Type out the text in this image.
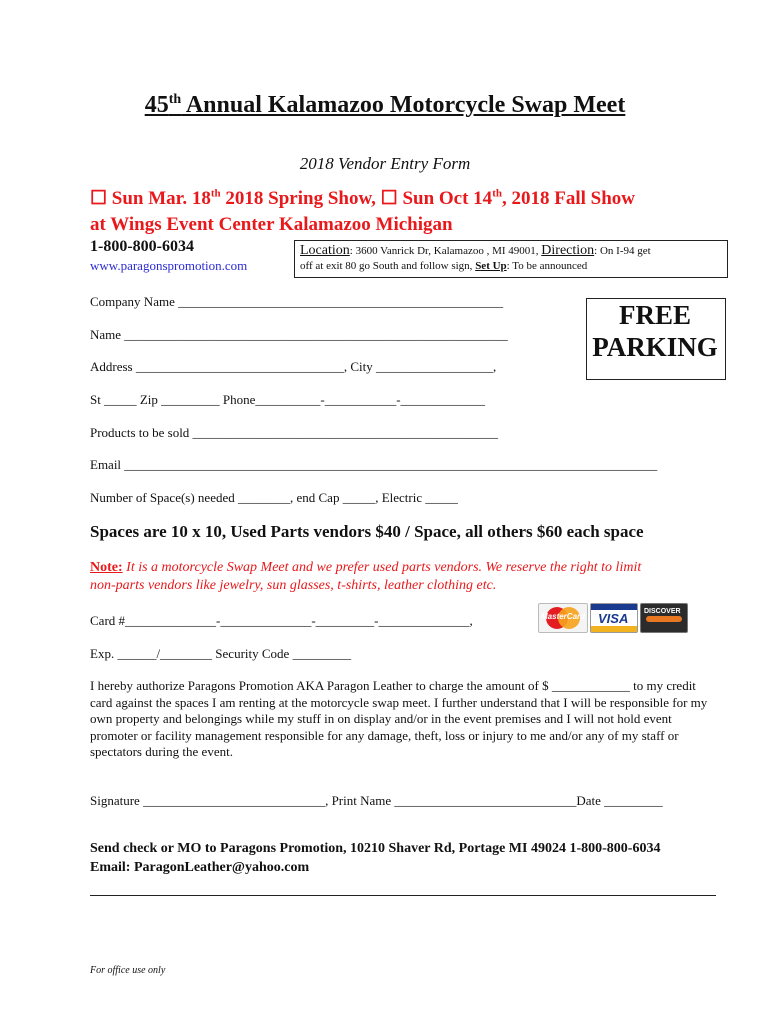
45th Annual Kalamazoo Motorcycle Swap Meet
2018 Vendor Entry Form
☐ Sun Mar. 18th 2018 Spring Show, ☐ Sun Oct 14th, 2018 Fall Show
at Wings Event Center Kalamazoo Michigan
1-800-800-6034
www.paragonspromotion.com
Location: 3600 Vanrick Dr, Kalamazoo , MI 49001, Direction: On I-94 get
off at exit 80 go South and follow sign, Set Up: To be announced
FREE
PARKING
Company Name __________________________________________________
Name ___________________________________________________________
Address ________________________________, City __________________,
St _____ Zip _________ Phone__________-___________-_____________
Products to be sold _______________________________________________
Email __________________________________________________________________________________
Number of Space(s) needed ________, end Cap _____, Electric _____
Spaces are 10 x 10, Used Parts vendors $40 / Space, all others $60 each space
Note: It is a motorcycle Swap Meet and we prefer used parts vendors. We reserve the right to limit
non-parts vendors like jewelry, sun glasses, t-shirts, leather clothing etc.
Card #______________-______________-_________-______________,
Exp. ______/________ Security Code _________
MasterCard VISA DISCOVER

I hereby authorize Paragons Promotion AKA Paragon Leather to charge the amount of $ ____________ to my credit card against the spaces I am renting at the motorcycle swap meet. I further understand that I will be responsible for my own property and belongings while my stuff in on display and/or in the event premises and I will not hold event promoter or facility management responsible for any damage, theft, loss or injury to me and/or any of my staff or spectators during the event.

Signature ____________________________, Print Name ____________________________Date _________
Send check or MO to Paragons Promotion, 10210 Shaver Rd, Portage MI 49024 1-800-800-6034
Email: ParagonLeather@yahoo.com
For office use only
